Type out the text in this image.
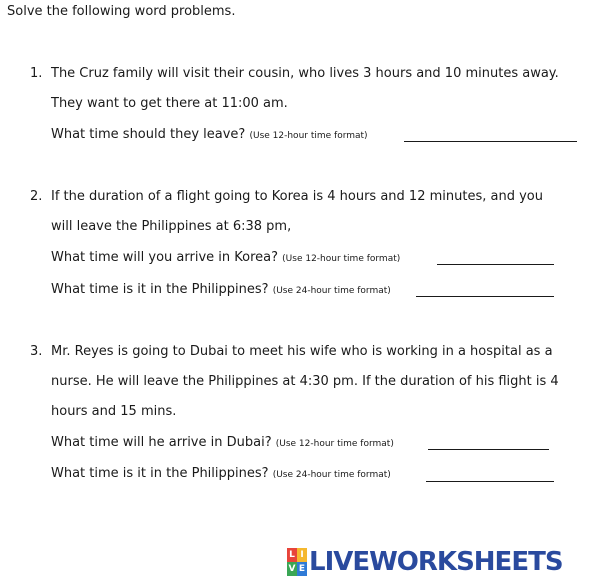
Solve the following word problems.
1. The Cruz family will visit their cousin, who lives 3 hours and 10 minutes away.
They want to get there at 11:00 am.
What time should they leave? (Use 12-hour time format)
2. If the duration of a flight going to Korea is 4 hours and 12 minutes, and you
will leave the Philippines at 6:38 pm,
What time will you arrive in Korea? (Use 12-hour time format)
What time is it in the Philippines? (Use 24-hour time format)
3. Mr. Reyes is going to Dubai to meet his wife who is working in a hospital as a
nurse. He will leave the Philippines at 4:30 pm. If the duration of his flight is 4
hours and 15 mins.
What time will he arrive in Dubai? (Use 12-hour time format)
What time is it in the Philippines? (Use 24-hour time format)
L I
V E LIVEWORKSHEETS
